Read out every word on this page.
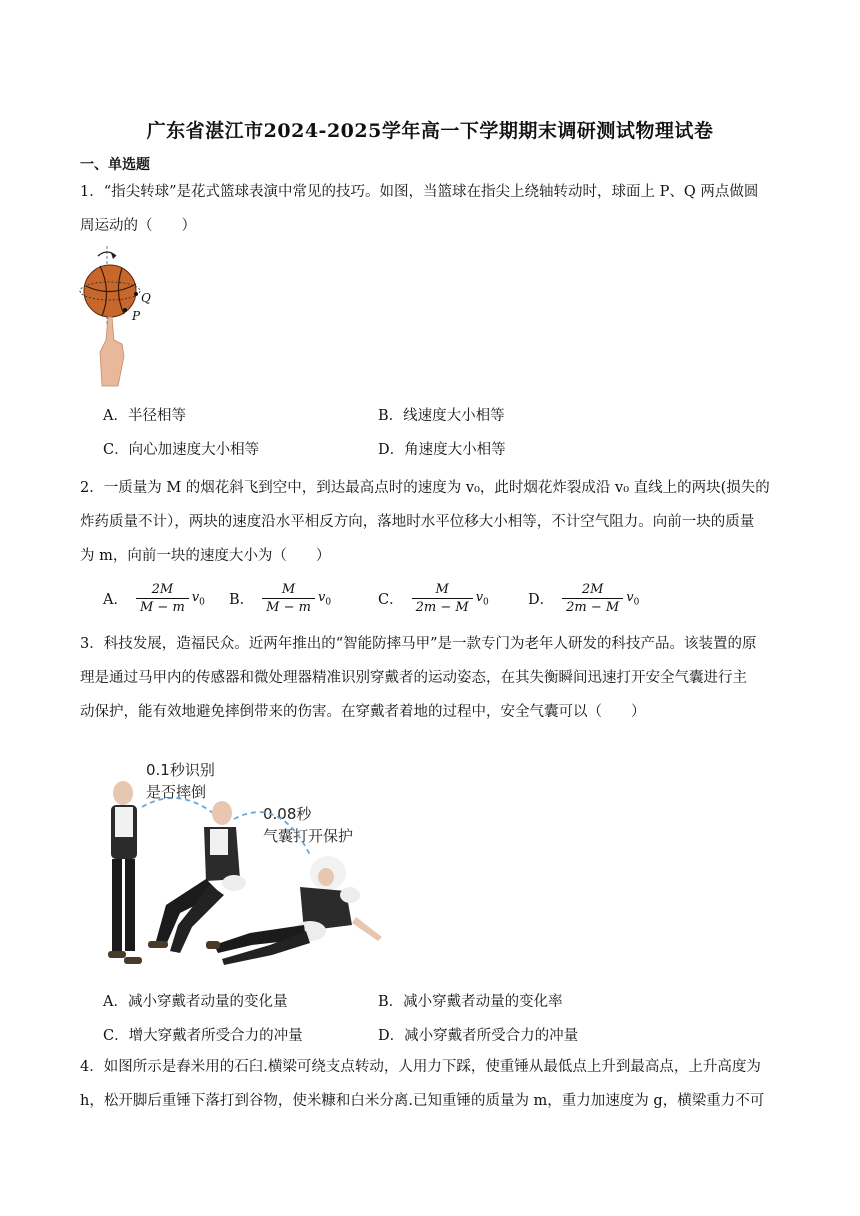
广东省湛江市2024-2025学年高一下学期期末调研测试物理试卷
一、单选题
1．“指尖转球”是花式篮球表演中常见的技巧。如图，当篮球在指尖上绕轴转动时，球面上 P、Q 两点做圆
周运动的（　　）
Q
P
A．半径相等	B．线速度大小相等
C．向心加速度大小相等	D．角速度大小相等
2．一质量为 M 的烟花斜飞到空中，到达最高点时的速度为 v₀，此时烟花炸裂成沿 v₀ 直线上的两块(损失的
炸药质量不计），两块的速度沿水平相反方向，落地时水平位移大小相等，不计空气阻力。向前一块的质量
为 m，向前一块的速度大小为（　　）
A． $\frac{2M}{M - m} v_0$ B． $\frac{M}{M - m} v_0$	C． $\frac{M}{2m - M} v_0$	D． $\frac{2M}{2m - M} v_0$
3．科技发展，造福民众。近两年推出的“智能防摔马甲”是一款专门为老年人研发的科技产品。该装置的原
理是通过马甲内的传感器和微处理器精准识别穿戴者的运动姿态，在其失衡瞬间迅速打开安全气囊进行主
动保护，能有效地避免摔倒带来的伤害。在穿戴者着地的过程中，安全气囊可以（　　）
0.1秒识别
是否摔倒
0.08秒
气囊打开保护
A．减小穿戴者动量的变化量	B．减小穿戴者动量的变化率
C．增大穿戴者所受合力的冲量	D．减小穿戴者所受合力的冲量
4．如图所示是舂米用的石臼.横梁可绕支点转动，人用力下踩，使重锤从最低点上升到最高点，上升高度为
h，松开脚后重锤下落打到谷物，使米糠和白米分离.已知重锤的质量为 m，重力加速度为 g，横梁重力不可
